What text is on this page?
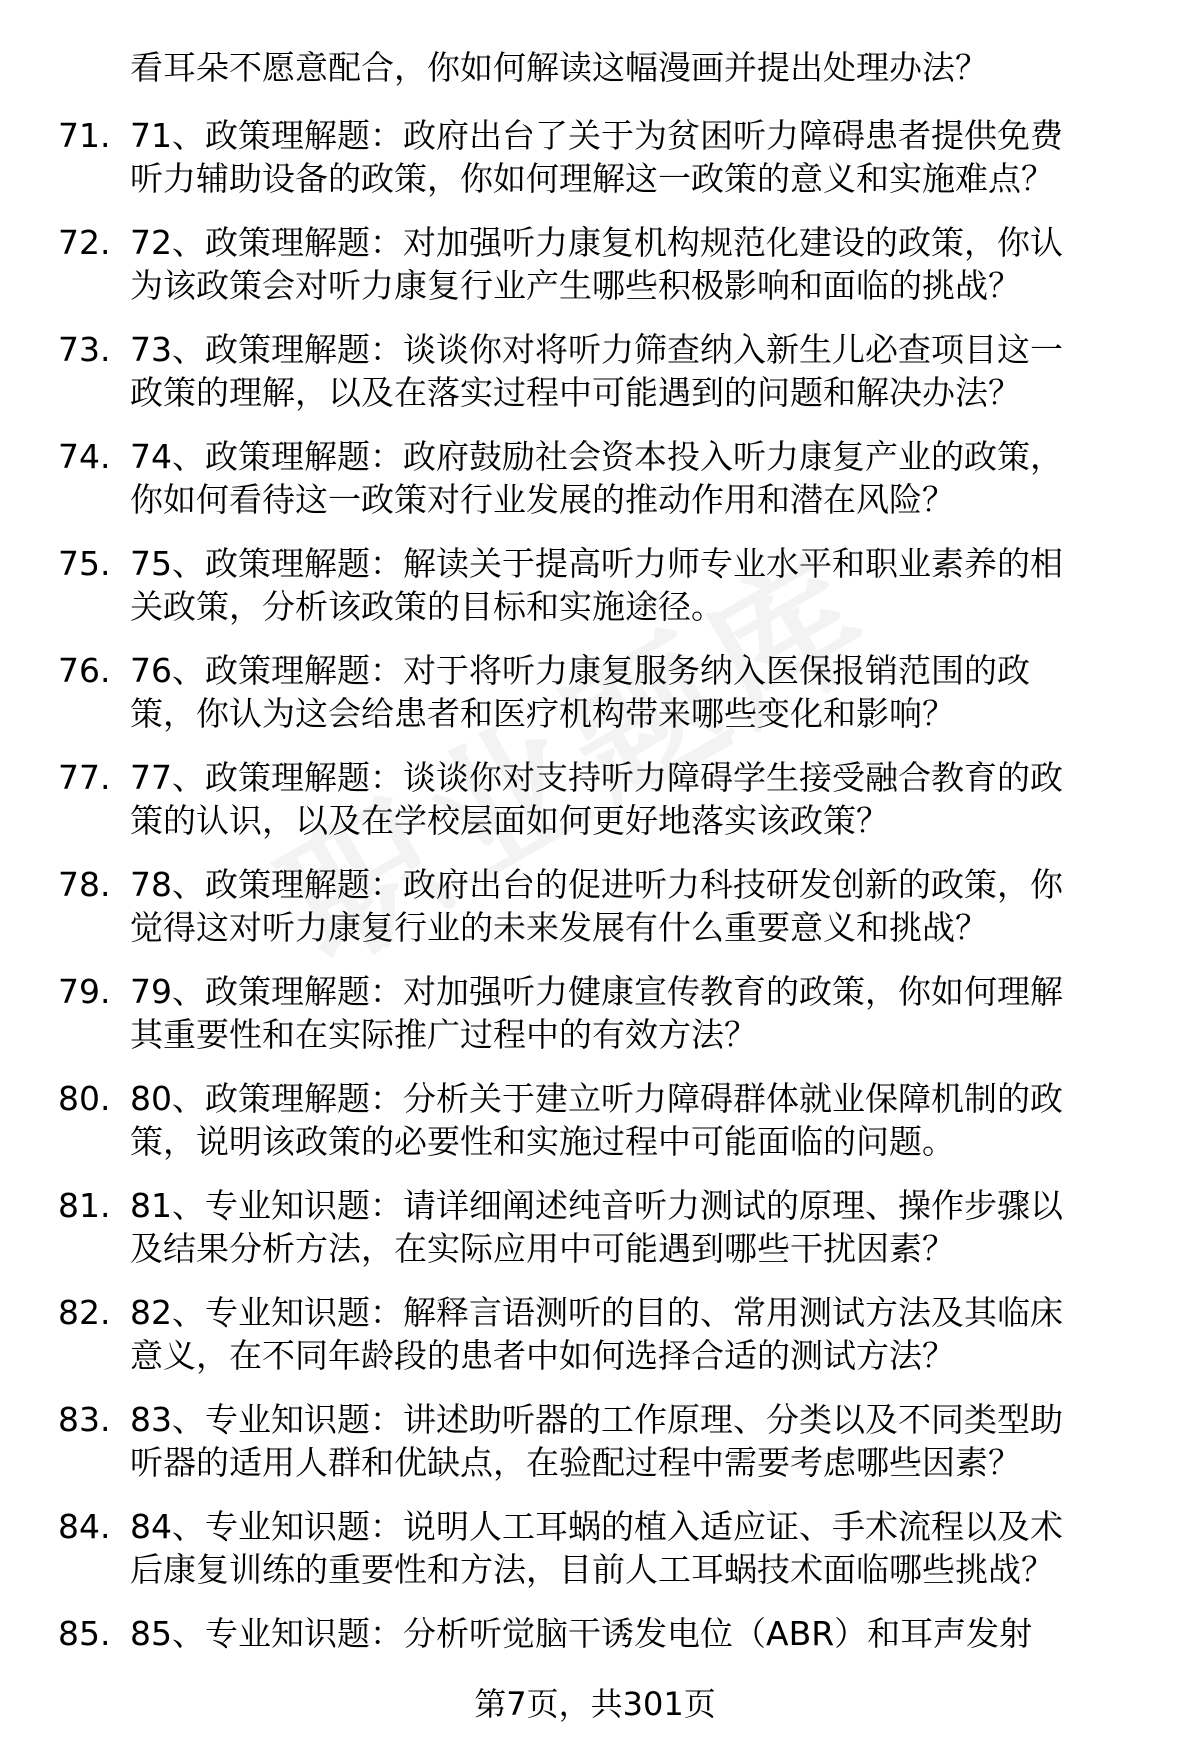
看耳朵不愿意配合，你如何解读这幅漫画并提出处理办法？
71. 71、政策理解题：政府出台了关于为贫困听力障碍患者提供免费
听力辅助设备的政策，你如何理解这一政策的意义和实施难点？
72. 72、政策理解题：对加强听力康复机构规范化建设的政策，你认
为该政策会对听力康复行业产生哪些积极影响和面临的挑战？
73. 73、政策理解题：谈谈你对将听力筛查纳入新生儿必查项目这一
政策的理解，以及在落实过程中可能遇到的问题和解决办法？
74. 74、政策理解题：政府鼓励社会资本投入听力康复产业的政策，
你如何看待这一政策对行业发展的推动作用和潜在风险？
75. 75、政策理解题：解读关于提高听力师专业水平和职业素养的相
关政策，分析该政策的目标和实施途径。
76. 76、政策理解题：对于将听力康复服务纳入医保报销范围的政
策，你认为这会给患者和医疗机构带来哪些变化和影响？
77. 77、政策理解题：谈谈你对支持听力障碍学生接受融合教育的政
策的认识，以及在学校层面如何更好地落实该政策？
78. 78、政策理解题：政府出台的促进听力科技研发创新的政策，你
觉得这对听力康复行业的未来发展有什么重要意义和挑战？
79. 79、政策理解题：对加强听力健康宣传教育的政策，你如何理解
其重要性和在实际推广过程中的有效方法？
80. 80、政策理解题：分析关于建立听力障碍群体就业保障机制的政
策，说明该政策的必要性和实施过程中可能面临的问题。
81. 81、专业知识题：请详细阐述纯音听力测试的原理、操作步骤以
及结果分析方法，在实际应用中可能遇到哪些干扰因素？
82. 82、专业知识题：解释言语测听的目的、常用测试方法及其临床
意义，在不同年龄段的患者中如何选择合适的测试方法？
83. 83、专业知识题：讲述助听器的工作原理、分类以及不同类型助
听器的适用人群和优缺点，在验配过程中需要考虑哪些因素？
84. 84、专业知识题：说明人工耳蜗的植入适应证、手术流程以及术
后康复训练的重要性和方法，目前人工耳蜗技术面临哪些挑战？
85. 85、专业知识题：分析听觉脑干诱发电位（ABR）和耳声发射
第7页，共301页
